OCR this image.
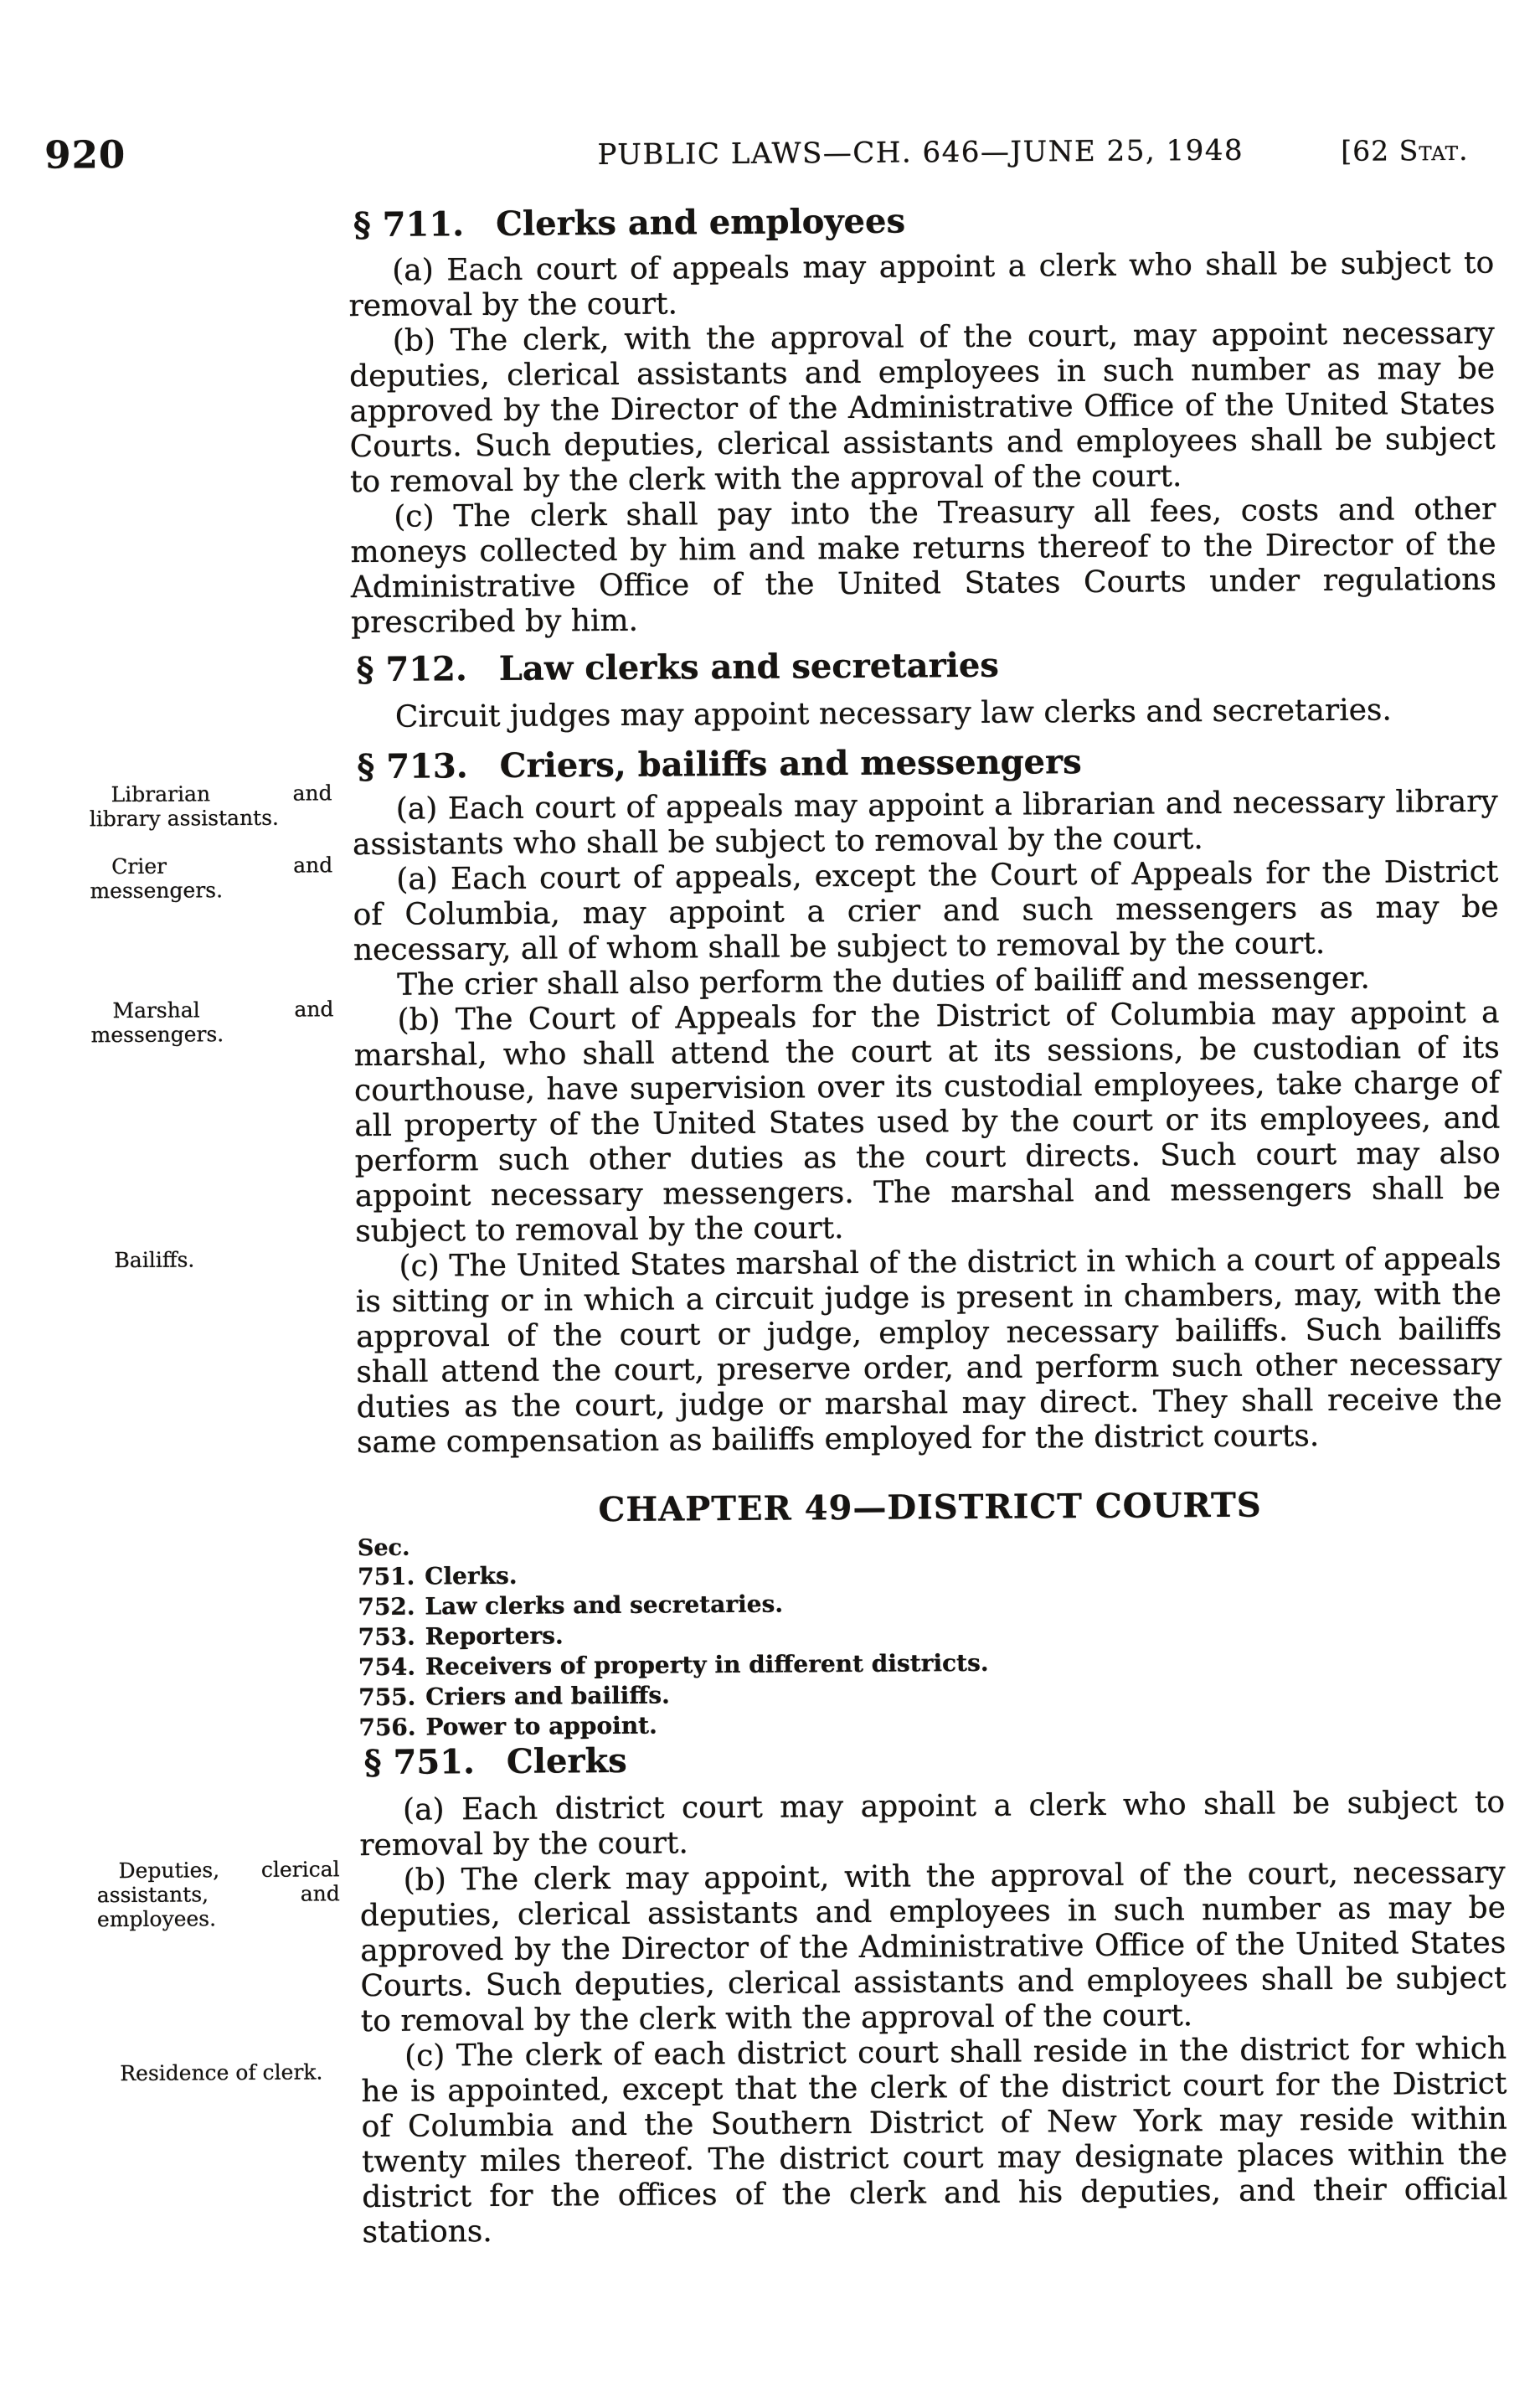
920	PUBLIC LAWS—CH. 646—JUNE 25, 1948	[62 Stat.
§ 711. Clerks and employees

(a) Each court of appeals may appoint a clerk who shall be subject to removal by the court.

(b) The clerk, with the approval of the court, may appoint necessary deputies, clerical assistants and employees in such number as may be approved by the Director of the Administrative Office of the United States Courts. Such deputies, clerical assistants and employees shall be subject to removal by the clerk with the approval of the court.

(c) The clerk shall pay into the Treasury all fees, costs and other moneys collected by him and make returns thereof to the Director of the Administrative Office of the United States Courts under regulations prescribed by him.

§ 712. Law clerks and secretaries

Circuit judges may appoint necessary law clerks and secretaries.

§ 713. Criers, bailiffs and messengers

Librarian and library assistants.	(a) Each court of appeals may appoint a librarian and necessary library assistants who shall be subject to removal by the court.

Crier and messengers.	(a) Each court of appeals, except the Court of Appeals for the District of Columbia, may appoint a crier and such messengers as may be necessary, all of whom shall be subject to removal by the court.

The crier shall also perform the duties of bailiff and messenger.

Marshal and messengers.	(b) The Court of Appeals for the District of Columbia may appoint a marshal, who shall attend the court at its sessions, be custodian of its courthouse, have supervision over its custodial employees, take charge of all property of the United States used by the court or its employees, and perform such other duties as the court directs. Such court may also appoint necessary messengers. The marshal and messengers shall be subject to removal by the court.

Bailiffs.	(c) The United States marshal of the district in which a court of appeals is sitting or in which a circuit judge is present in chambers, may, with the approval of the court or judge, employ necessary bailiffs. Such bailiffs shall attend the court, preserve order, and perform such other necessary duties as the court, judge or marshal may direct. They shall receive the same compensation as bailiffs employed for the district courts.

CHAPTER 49—DISTRICT COURTS
Sec.
751. Clerks.
752. Law clerks and secretaries.
753. Reporters.
754. Receivers of property in different districts.
755. Criers and bailiffs.
756. Power to appoint.
§ 751. Clerks

(a) Each district court may appoint a clerk who shall be subject to removal by the court.

Deputies, clerical assistants, and employees.
(b) The clerk may appoint, with the approval of the court, necessary deputies, clerical assistants and employees in such number as may be approved by the Director of the Administrative Office of the United States Courts. Such deputies, clerical assistants and employees shall be subject to removal by the clerk with the approval of the court.

Residence of clerk.	(c) The clerk of each district court shall reside in the district for which he is appointed, except that the clerk of the district court for the District of Columbia and the Southern District of New York may reside within twenty miles thereof. The district court may designate places within the district for the offices of the clerk and his deputies, and their official stations.
